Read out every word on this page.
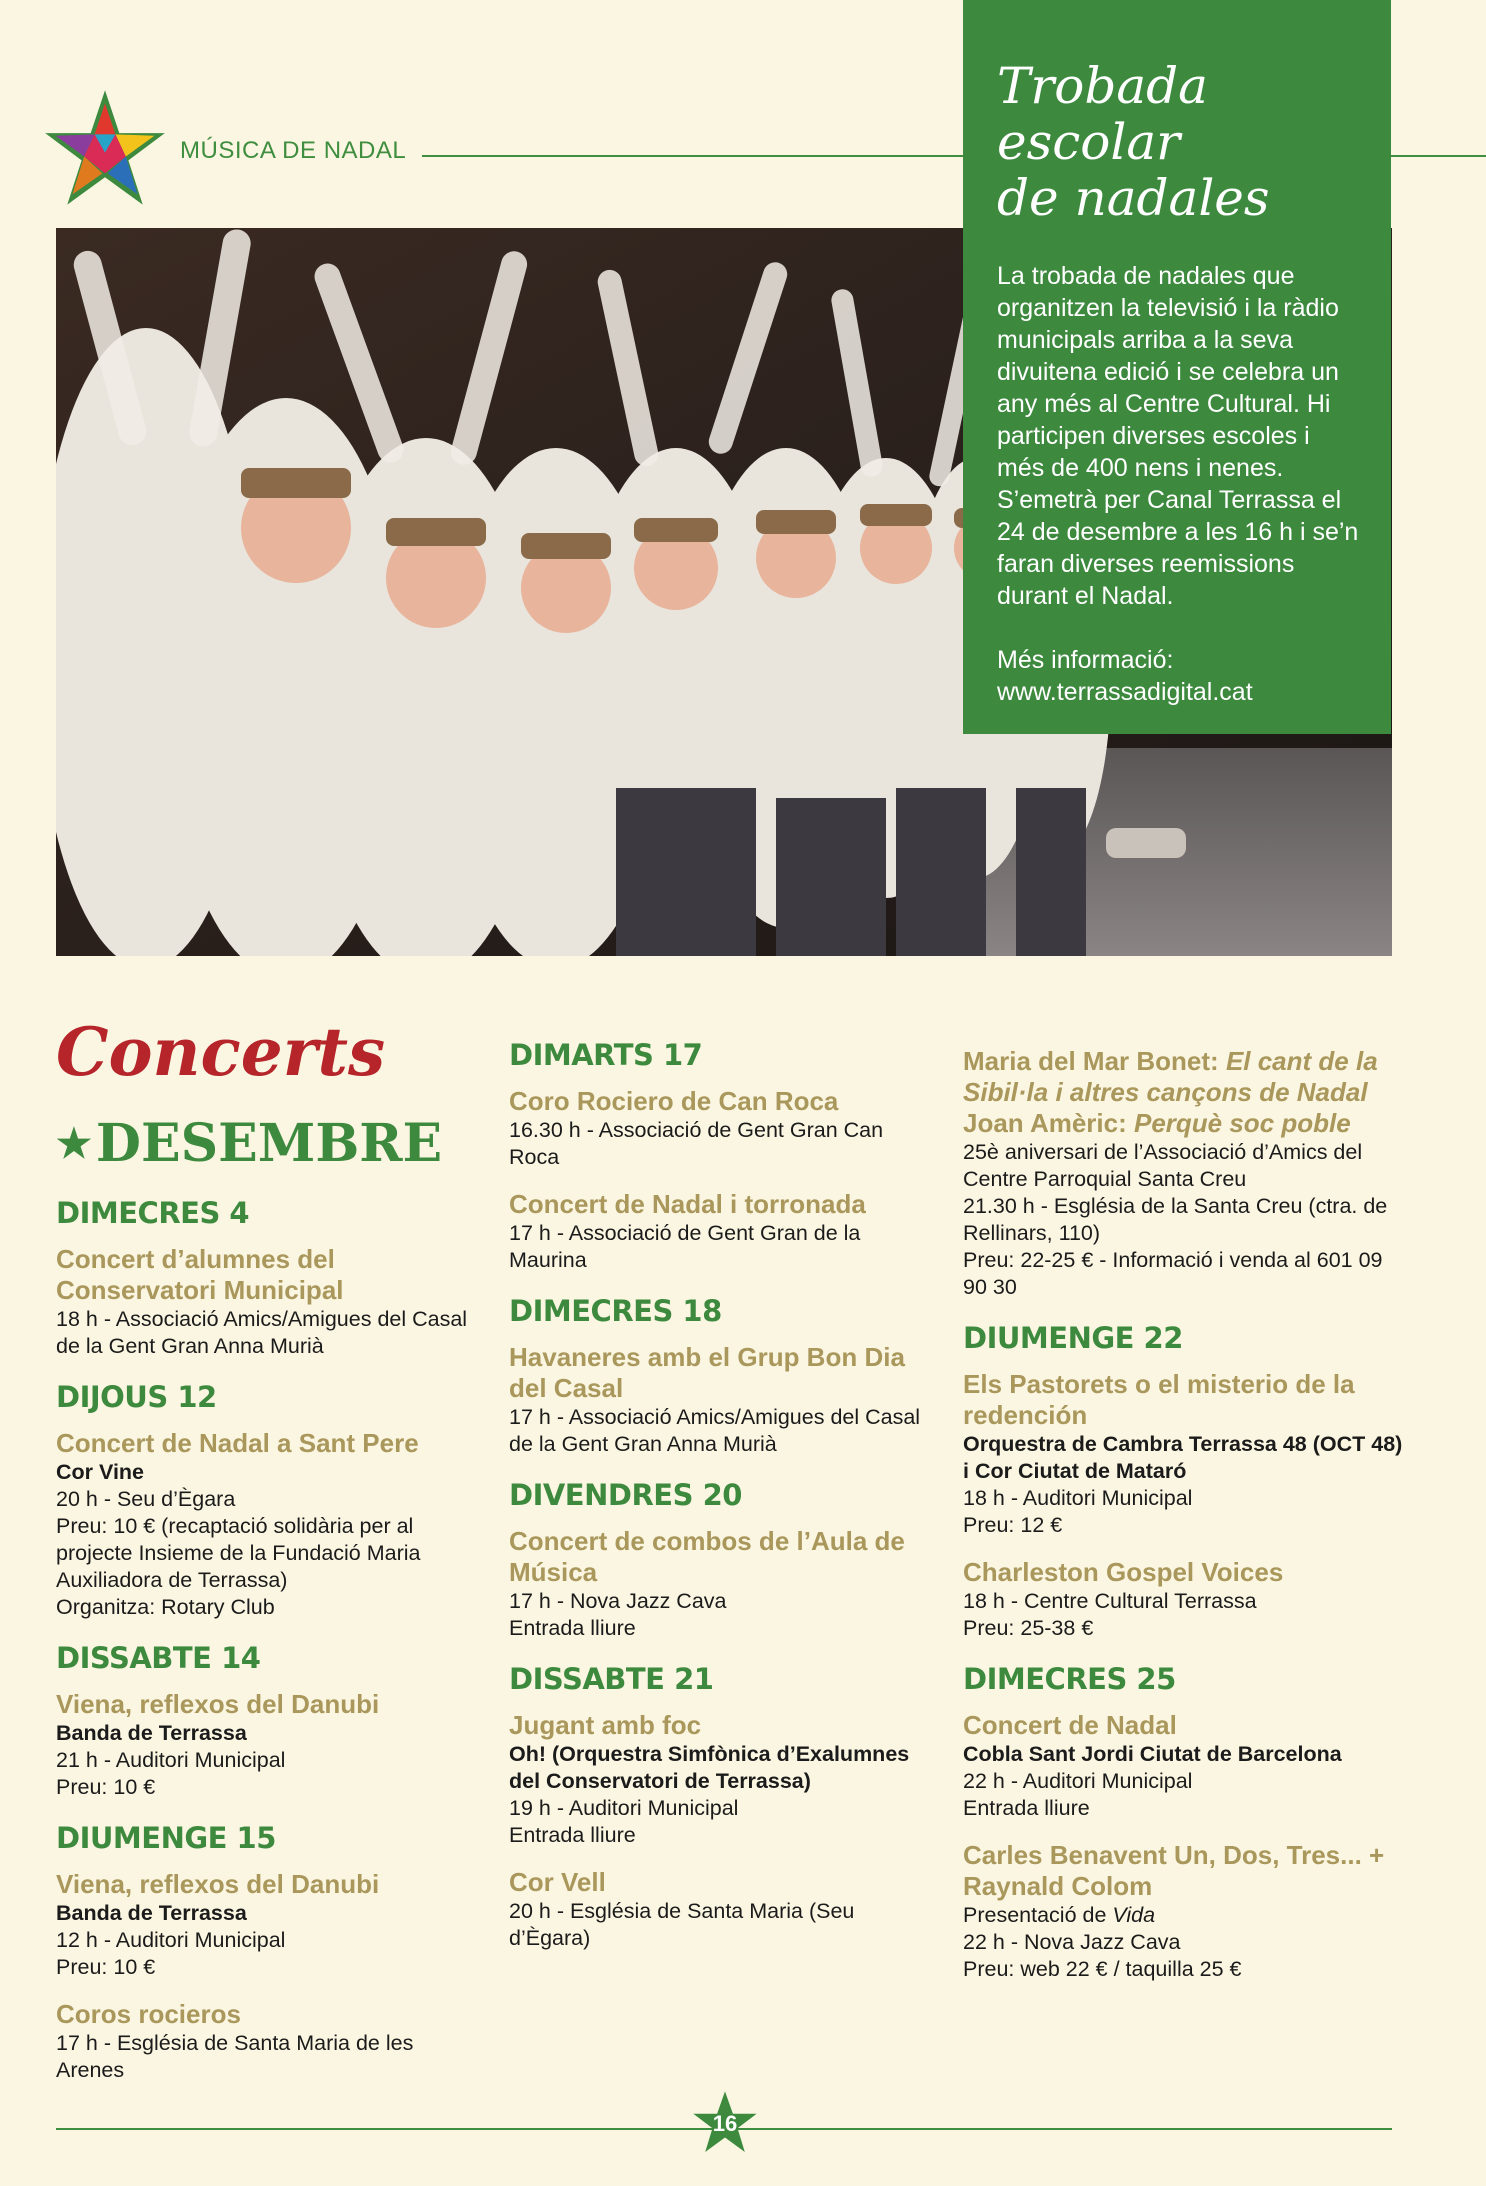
MÚSICA DE NADAL
Trobada escolar
de nadales

La trobada de nadales que organitzen la televisió i la ràdio municipals arriba a la seva divuitena edició i se celebra un any més al Centre Cultural. Hi participen diverses escoles i més de 400 nens i nenes. S’emetrà per Canal Terrassa el 24 de desembre a les 16 h i se’n faran diverses reemissions durant el Nadal.

Més informació:
www.terrassadigital.cat

Concerts
★ DESEMBRE
DIMECRES 4

Concert d’alumnes del Conservatori Municipal

18 h - Associació Amics/Amigues del Casal de la Gent Gran Anna Murià

DIJOUS 12

Concert de Nadal a Sant Pere

Cor Vine

20 h - Seu d’Ègara

Preu: 10 € (recaptació solidària per al projecte Insieme de la Fundació Maria Auxiliadora de Terrassa)

Organitza: Rotary Club

DISSABTE 14

Viena, reflexos del Danubi

Banda de Terrassa

21 h - Auditori Municipal

Preu: 10 €

DIUMENGE 15

Viena, reflexos del Danubi

Banda de Terrassa

12 h - Auditori Municipal

Preu: 10 €

Coros rocieros

17 h - Església de Santa Maria de les Arenes

DIMARTS 17

Coro Rociero de Can Roca

16.30 h - Associació de Gent Gran Can Roca

Concert de Nadal i torronada

17 h - Associació de Gent Gran de la Maurina

DIMECRES 18

Havaneres amb el Grup Bon Dia del Casal

17 h - Associació Amics/Amigues del Casal de la Gent Gran Anna Murià

DIVENDRES 20

Concert de combos de l’Aula de Música

17 h - Nova Jazz Cava

Entrada lliure

DISSABTE 21

Jugant amb foc

Oh! (Orquestra Simfònica d’Exalumnes del Conservatori de Terrassa)

19 h - Auditori Municipal

Entrada lliure

Cor Vell

20 h - Església de Santa Maria (Seu d’Ègara)

Maria del Mar Bonet: El cant de la Sibil·la i altres cançons de Nadal

Joan Amèric: Perquè soc poble

25è aniversari de l’Associació d’Amics del Centre Parroquial Santa Creu

21.30 h - Església de la Santa Creu (ctra. de Rellinars, 110)

Preu: 22-25 € - Informació i venda al 601 09 90 30

DIUMENGE 22

Els Pastorets o el misterio de la redención

Orquestra de Cambra Terrassa 48 (OCT 48) i Cor Ciutat de Mataró

18 h - Auditori Municipal

Preu: 12 €

Charleston Gospel Voices

18 h - Centre Cultural Terrassa

Preu: 25-38 €

DIMECRES 25

Concert de Nadal

Cobla Sant Jordi Ciutat de Barcelona

22 h - Auditori Municipal

Entrada lliure

Carles Benavent Un, Dos, Tres... + Raynald Colom

Presentació de Vida

22 h - Nova Jazz Cava

Preu: web 22 € / taquilla 25 €

16
